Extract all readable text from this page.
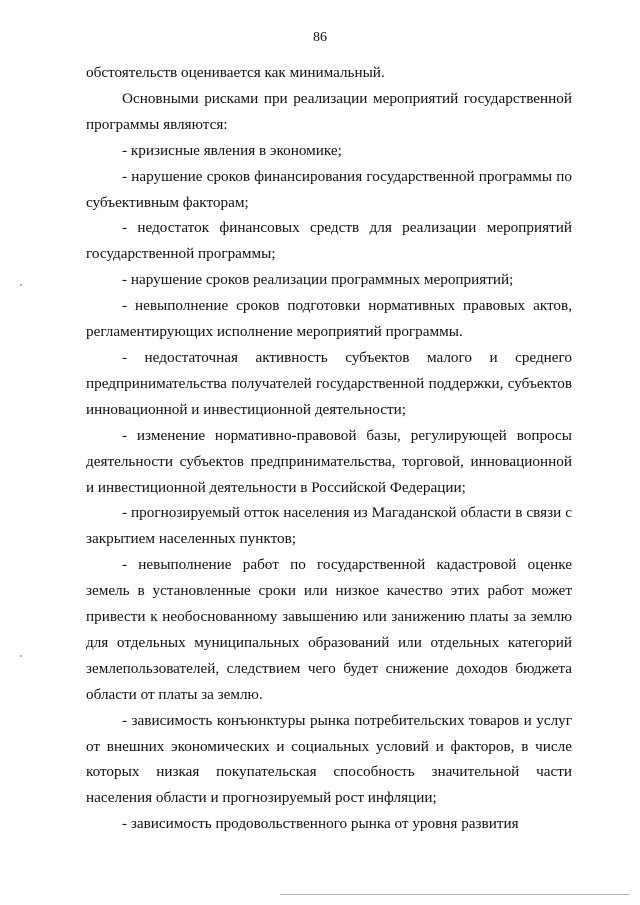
86

обстоятельств оценивается как минимальный.

Основными рисками при реализации мероприятий государственной программы являются:

- кризисные явления в экономике;

- нарушение сроков финансирования государственной программы по субъективным факторам;

- недостаток финансовых средств для реализации мероприятий государственной программы;

- нарушение сроков реализации программных мероприятий;

- невыполнение сроков подготовки нормативных правовых актов, регламентирующих исполнение мероприятий программы.

- недостаточная активность субъектов малого и среднего предпринимательства получателей государственной поддержки, субъектов инновационной и инвестиционной деятельности;

- изменение нормативно-правовой базы, регулирующей вопросы деятельности субъектов предпринимательства, торговой, инновационной и инвестиционной деятельности в Российской Федерации;

- прогнозируемый отток населения из Магаданской области в связи с закрытием населенных пунктов;

- невыполнение работ по государственной кадастровой оценке земель в установленные сроки или низкое качество этих работ может привести к необоснованному завышению или занижению платы за землю для отдельных муниципальных образований или отдельных категорий землепользователей, следствием чего будет снижение доходов бюджета области от платы за землю.

- зависимость конъюнктуры рынка потребительских товаров и услуг от внешних экономических и социальных условий и факторов, в числе которых низкая покупательская способность значительной части населения области и прогнозируемый рост инфляции;

- зависимость продовольственного рынка от уровня развития
